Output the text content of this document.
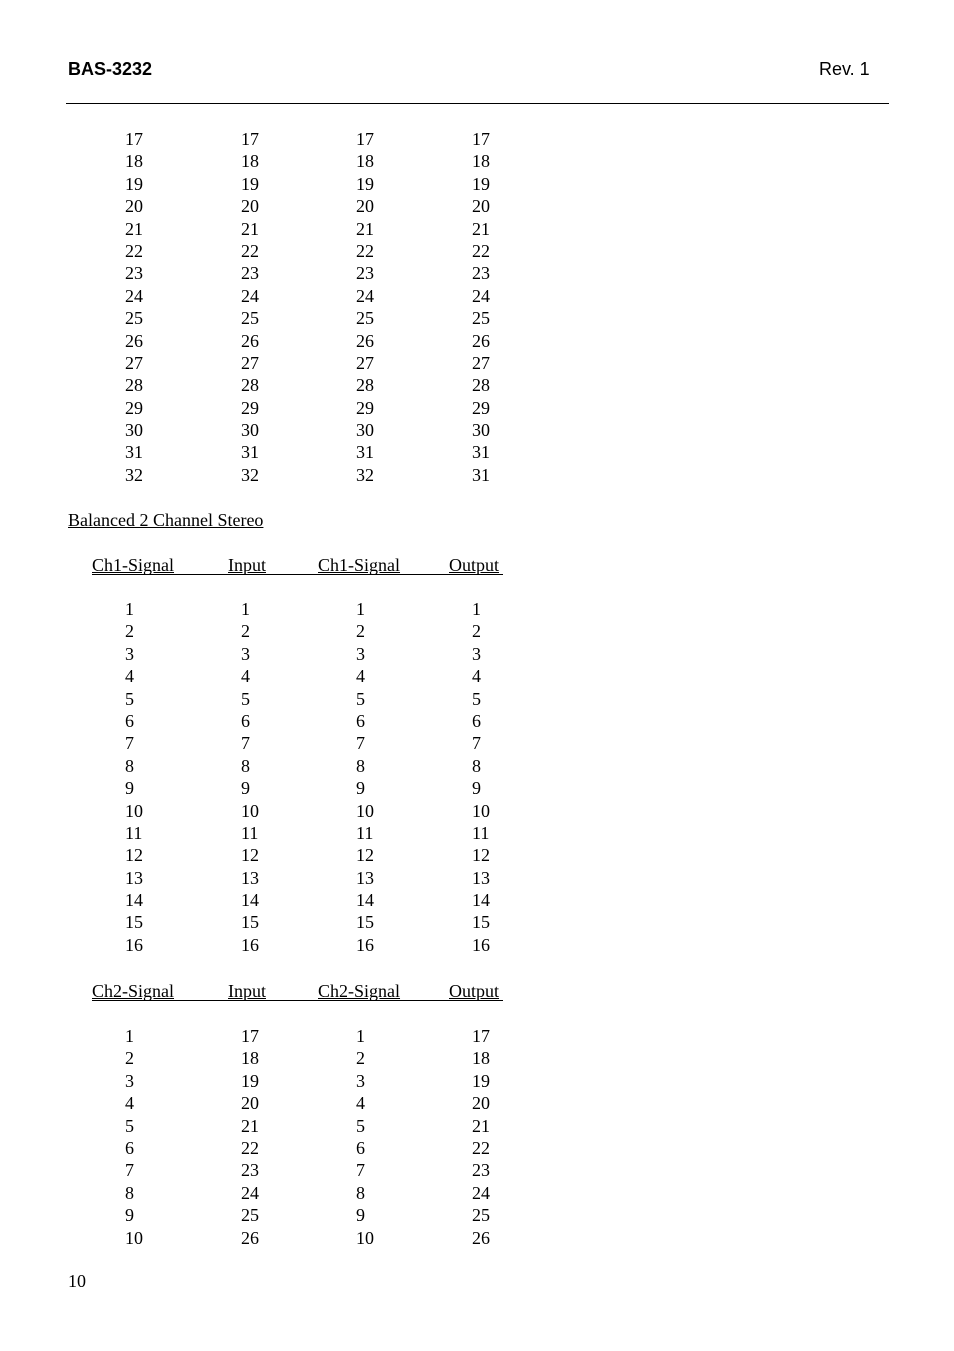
BAS-3232	Rev. 1
17	17	17	17
18	18	18	18
19	19	19	19
20	20	20	20
21	21	21	21
22	22	22	22
23	23	23	23
24	24	24	24
25	25	25	25
26	26	26	26
27	27	27	27
28	28	28	28
29	29	29	29
30	30	30	30
31	31	31	31
32	32	32	31
Balanced 2 Channel Stereo
Ch1-Signal	Input	Ch1-Signal	Output
1	1	1	1
2	2	2	2
3	3	3	3
4	4	4	4
5	5	5	5
6	6	6	6
7	7	7	7
8	8	8	8
9	9	9	9
10	10	10	10
11	11	11	11
12	12	12	12
13	13	13	13
14	14	14	14
15	15	15	15
16	16	16	16
Ch2-Signal	Input	Ch2-Signal	Output
1	17	1	17
2	18	2	18
3	19	3	19
4	20	4	20
5	21	5	21
6	22	6	22
7	23	7	23
8	24	8	24
9	25	9	25
10	26	10	26
10
